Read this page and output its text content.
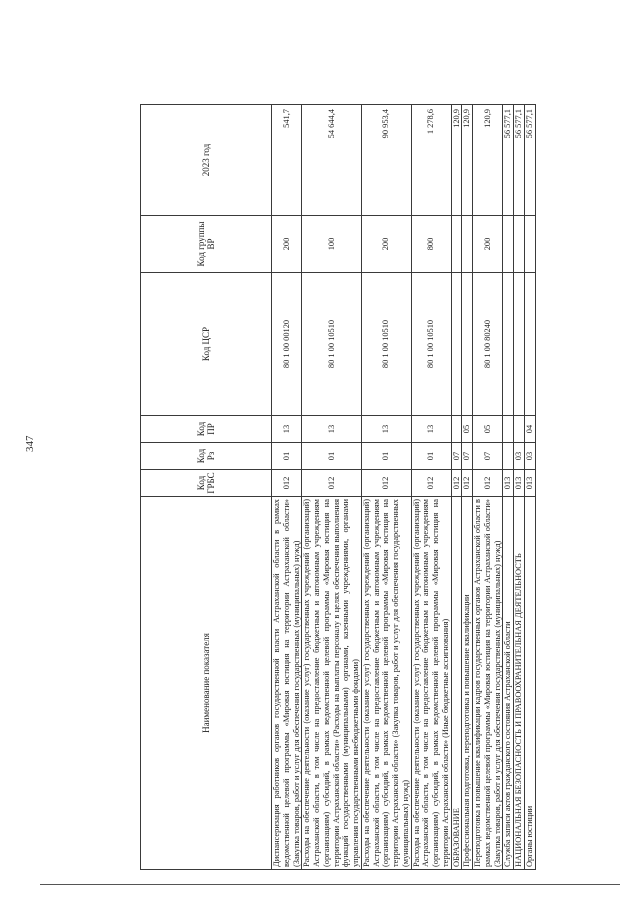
347
Наименование показателя	Код ГРБС	Код Рз	Код ПР	Код ЦСР	Код группы ВР	2023 год
Диспансеризация работников органов государственной власти Астраханской области в рамках ведомственной целевой программы «Мировая юстиция на территории Астраханской области» (Закупка товаров, работ и услуг для обеспечения государственных (муниципальных) нужд)	012	01	13	80 1 00 00120	200	541,7
Расходы на обеспечение деятельности (оказание услуг) государственных учреждений (организаций) Астраханской области, в том числе на предоставление бюджетным и автономным учреждениям (организациям) субсидий, в рамках ведомственной целевой программы «Мировая юстиция на территории Астраханской области» (Расходы на выплаты персоналу в целях обеспечения выполнения функций государственными (муниципальными) органами, казенными учреждениями, органами управления государственными внебюджетными фондами)	012	01	13	80 1 00 10510	100	54 644,4
Расходы на обеспечение деятельности (оказание услуг) государственных учреждений (организаций) Астраханской области, в том числе на предоставление бюджетным и автономным учреждениям (организациям) субсидий, в рамках ведомственной целевой программы «Мировая юстиция на территории Астраханской области» (Закупка товаров, работ и услуг для обеспечения государственных (муниципальных) нужд)	012	01	13	80 1 00 10510	200	90 953,4
Расходы на обеспечение деятельности (оказание услуг) государственных учреждений (организаций) Астраханской области, в том числе на предоставление бюджетным и автономным учреждениям (организациям) субсидий, в рамках ведомственной целевой программы «Мировая юстиция на территории Астраханской области» (Иные бюджетные ассигнования)	012	01	13	80 1 00 10510	800	1 278,6
ОБРАЗОВАНИЕ	012	07				120,9
Профессиональная подготовка, переподготовка и повышение квалификации	012	07	05			120,9
Переподготовка и повышение квалификации кадров государственных органов Астраханской области в рамках ведомственной целевой программы «Мировая юстиция на территории Астраханской области» (Закупка товаров, работ и услуг для обеспечения государственных (муниципальных) нужд)	012	07	05	80 1 00 80240	200	120,9
Служба записи актов гражданского состояния Астраханской области	013					56 577,1
НАЦИОНАЛЬНАЯ БЕЗОПАСНОСТЬ И ПРАВООХРАНИТЕЛЬНАЯ ДЕЯТЕЛЬНОСТЬ	013	03				56 577,1
Органы юстиции	013	03	04			56 577,1
